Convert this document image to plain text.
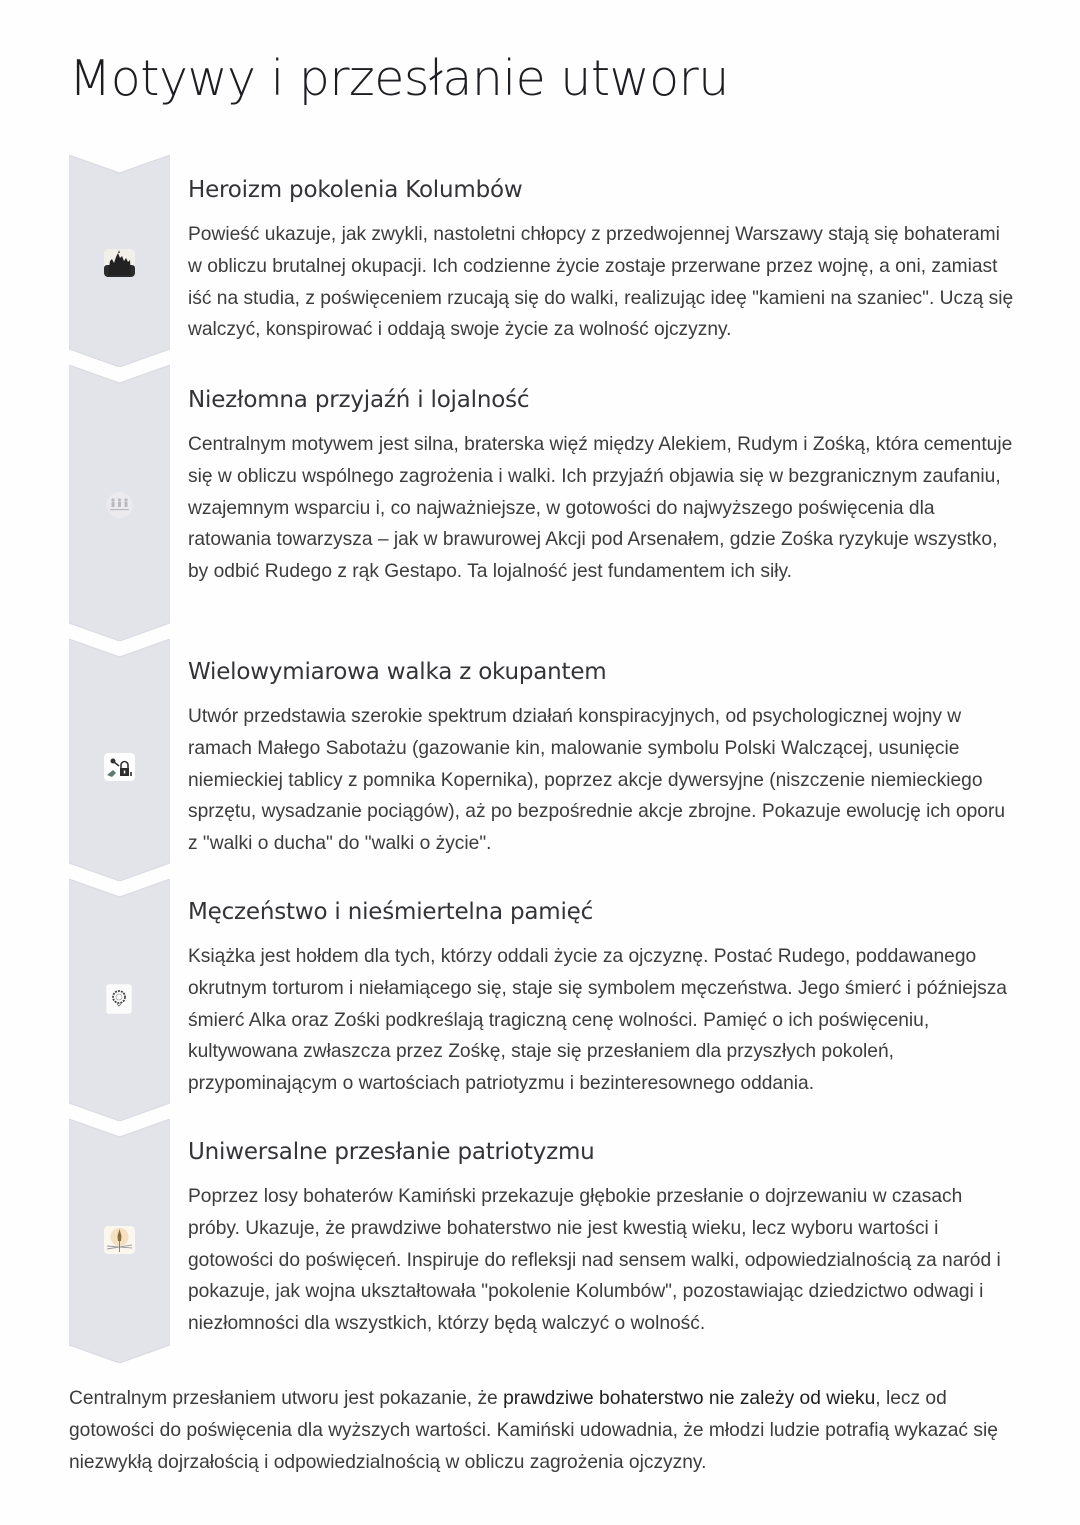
Motywy i przesłanie utworu
Heroizm pokolenia Kolumbów

Powieść ukazuje, jak zwykli, nastoletni chłopcy z przedwojennej Warszawy stają się bohaterami w obliczu brutalnej okupacji. Ich codzienne życie zostaje przerwane przez wojnę, a oni, zamiast iść na studia, z poświęceniem rzucają się do walki, realizując ideę "kamieni na szaniec". Uczą się walczyć, konspirować i oddają swoje życie za wolność ojczyzny.

Niezłomna przyjaźń i lojalność

Centralnym motywem jest silna, braterska więź między Alekiem, Rudym i Zośką, która cementuje się w obliczu wspólnego zagrożenia i walki. Ich przyjaźń objawia się w bezgranicznym zaufaniu, wzajemnym wsparciu i, co najważniejsze, w gotowości do najwyższego poświęcenia dla ratowania towarzysza – jak w brawurowej Akcji pod Arsenałem, gdzie Zośka ryzykuje wszystko, by odbić Rudego z rąk Gestapo. Ta lojalność jest fundamentem ich siły.

Wielowymiarowa walka z okupantem

Utwór przedstawia szerokie spektrum działań konspiracyjnych, od psychologicznej wojny w ramach Małego Sabotażu (gazowanie kin, malowanie symbolu Polski Walczącej, usunięcie niemieckiej tablicy z pomnika Kopernika), poprzez akcje dywersyjne (niszczenie niemieckiego sprzętu, wysadzanie pociągów), aż po bezpośrednie akcje zbrojne. Pokazuje ewolucję ich oporu z "walki o ducha" do "walki o życie".

Męczeństwo i nieśmiertelna pamięć

Książka jest hołdem dla tych, którzy oddali życie za ojczyznę. Postać Rudego, poddawanego okrutnym torturom i niełamiącego się, staje się symbolem męczeństwa. Jego śmierć i późniejsza śmierć Alka oraz Zośki podkreślają tragiczną cenę wolności. Pamięć o ich poświęceniu, kultywowana zwłaszcza przez Zośkę, staje się przesłaniem dla przyszłych pokoleń, przypominającym o wartościach patriotyzmu i bezinteresownego oddania.

Uniwersalne przesłanie patriotyzmu

Poprzez losy bohaterów Kamiński przekazuje głębokie przesłanie o dojrzewaniu w czasach próby. Ukazuje, że prawdziwe bohaterstwo nie jest kwestią wieku, lecz wyboru wartości i gotowości do poświęceń. Inspiruje do refleksji nad sensem walki, odpowiedzialnością za naród i pokazuje, jak wojna ukształtowała "pokolenie Kolumbów", pozostawiając dziedzictwo odwagi i niezłomności dla wszystkich, którzy będą walczyć o wolność.

Centralnym przesłaniem utworu jest pokazanie, że prawdziwe bohaterstwo nie zależy od wieku, lecz od gotowości do poświęcenia dla wyższych wartości. Kamiński udowadnia, że młodzi ludzie potrafią wykazać się niezwykłą dojrzałością i odpowiedzialnością w obliczu zagrożenia ojczyzny.
